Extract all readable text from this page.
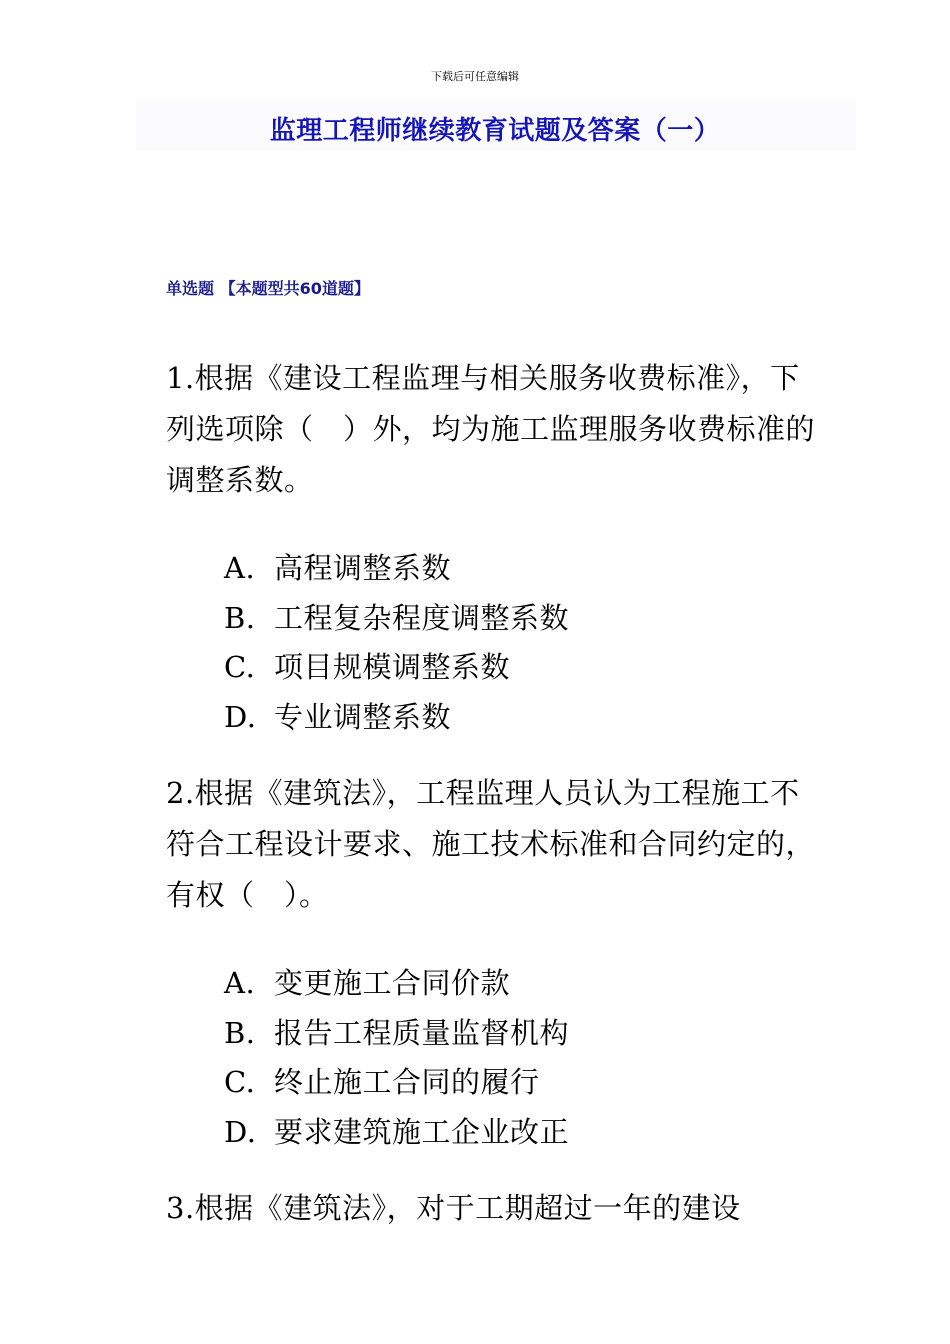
下载后可任意编辑
监理工程师继续教育试题及答案（一）
单选题 【本题型共60道题】
1.根据《建设工程监理与相关服务收费标准》，下列选项除（　）外，均为施工监理服务收费标准的调整系数。
A. 高程调整系数
B. 工程复杂程度调整系数
C. 项目规模调整系数
D. 专业调整系数
2.根据《建筑法》，工程监理人员认为工程施工不符合工程设计要求、施工技术标准和合同约定的，有权（　）。
A. 变更施工合同价款
B. 报告工程质量监督机构
C. 终止施工合同的履行
D. 要求建筑施工企业改正
3.根据《建筑法》，对于工期超过一年的建设
